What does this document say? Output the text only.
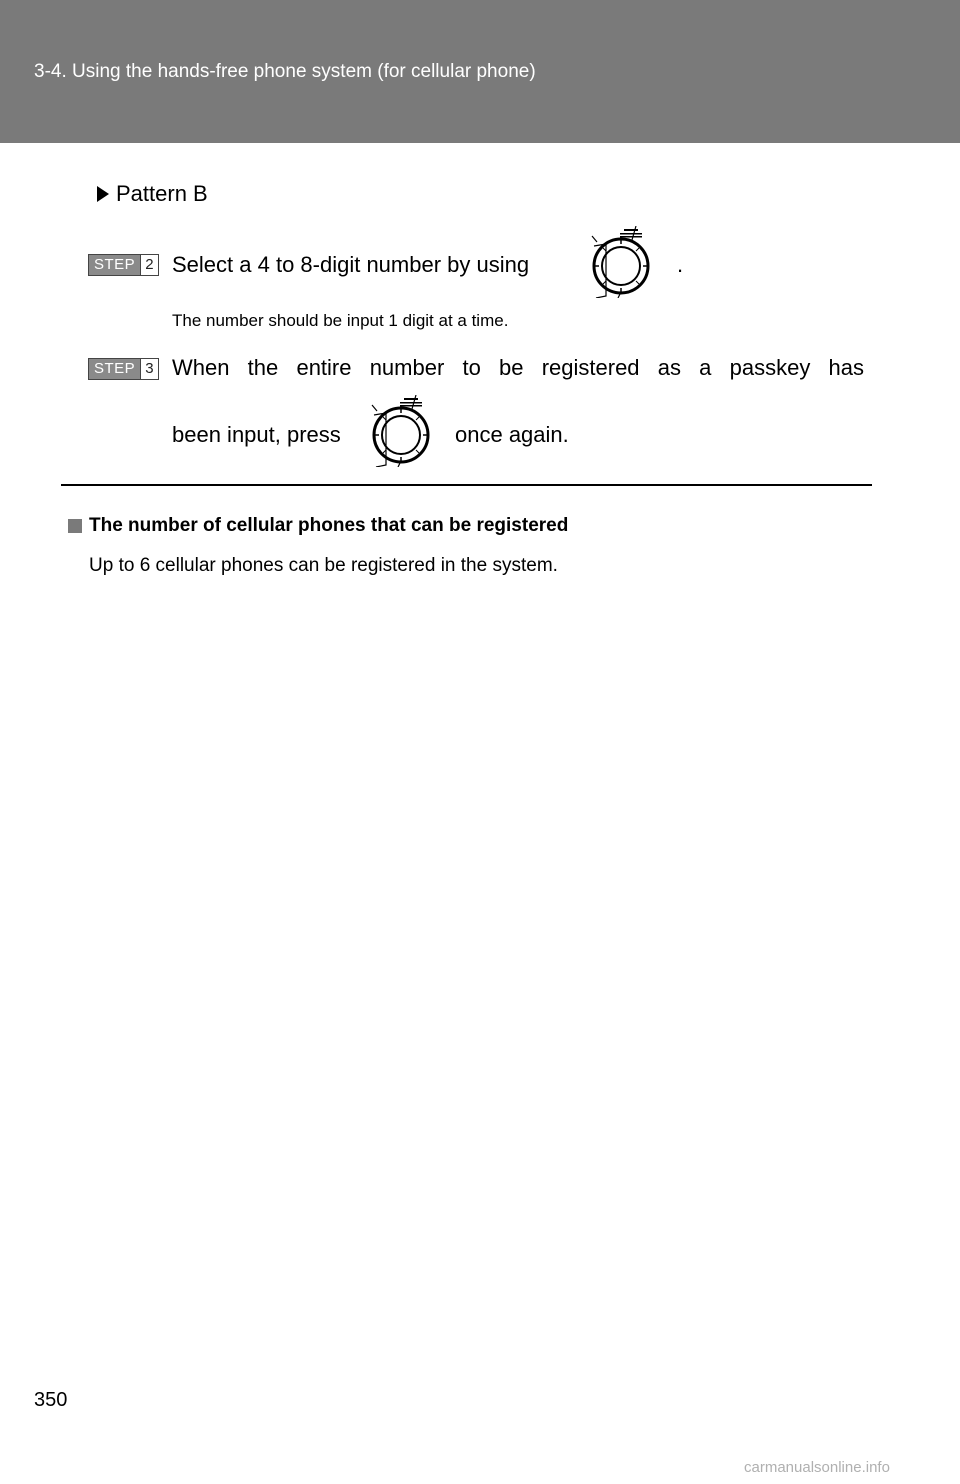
3-4. Using the hands-free phone system (for cellular phone)
Pattern B
STEP 2 Select a 4 to 8-digit number by using	.
The number should be input 1 digit at a time.
STEP 3 When the entire number to be registered as a passkey has
been input, press	once again.
The number of cellular phones that can be registered
Up to 6 cellular phones can be registered in the system.
350
carmanualsonline.info
